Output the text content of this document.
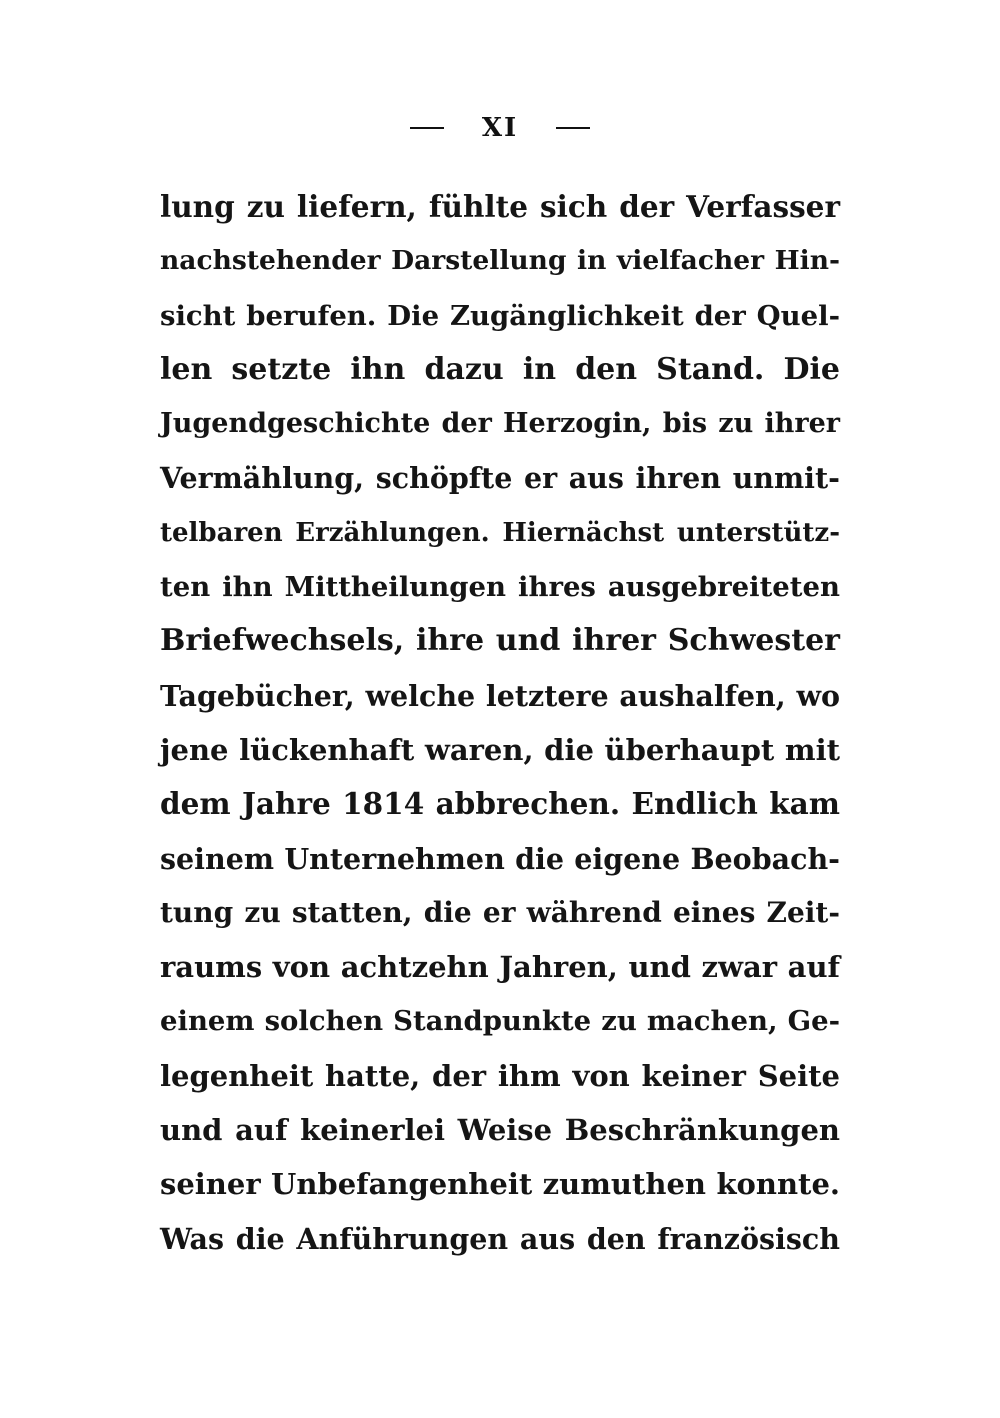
XI
lung zu liefern, fühlte sich der Verfasser
nachstehender Darstellung in vielfacher Hin-
sicht berufen. Die Zugänglichkeit der Quel-
len setzte ihn dazu in den Stand. Die
Jugendgeschichte der Herzogin, bis zu ihrer
Vermählung, schöpfte er aus ihren unmit-
telbaren Erzählungen. Hiernächst unterstütz-
ten ihn Mittheilungen ihres ausgebreiteten
Briefwechsels, ihre und ihrer Schwester
Tagebücher, welche letztere aushalfen, wo
jene lückenhaft waren, die überhaupt mit
dem Jahre 1814 abbrechen. Endlich kam
seinem Unternehmen die eigene Beobach-
tung zu statten, die er während eines Zeit-
raums von achtzehn Jahren, und zwar auf
einem solchen Standpunkte zu machen, Ge-
legenheit hatte, der ihm von keiner Seite
und auf keinerlei Weise Beschränkungen
seiner Unbefangenheit zumuthen konnte.
Was die Anführungen aus den französisch
